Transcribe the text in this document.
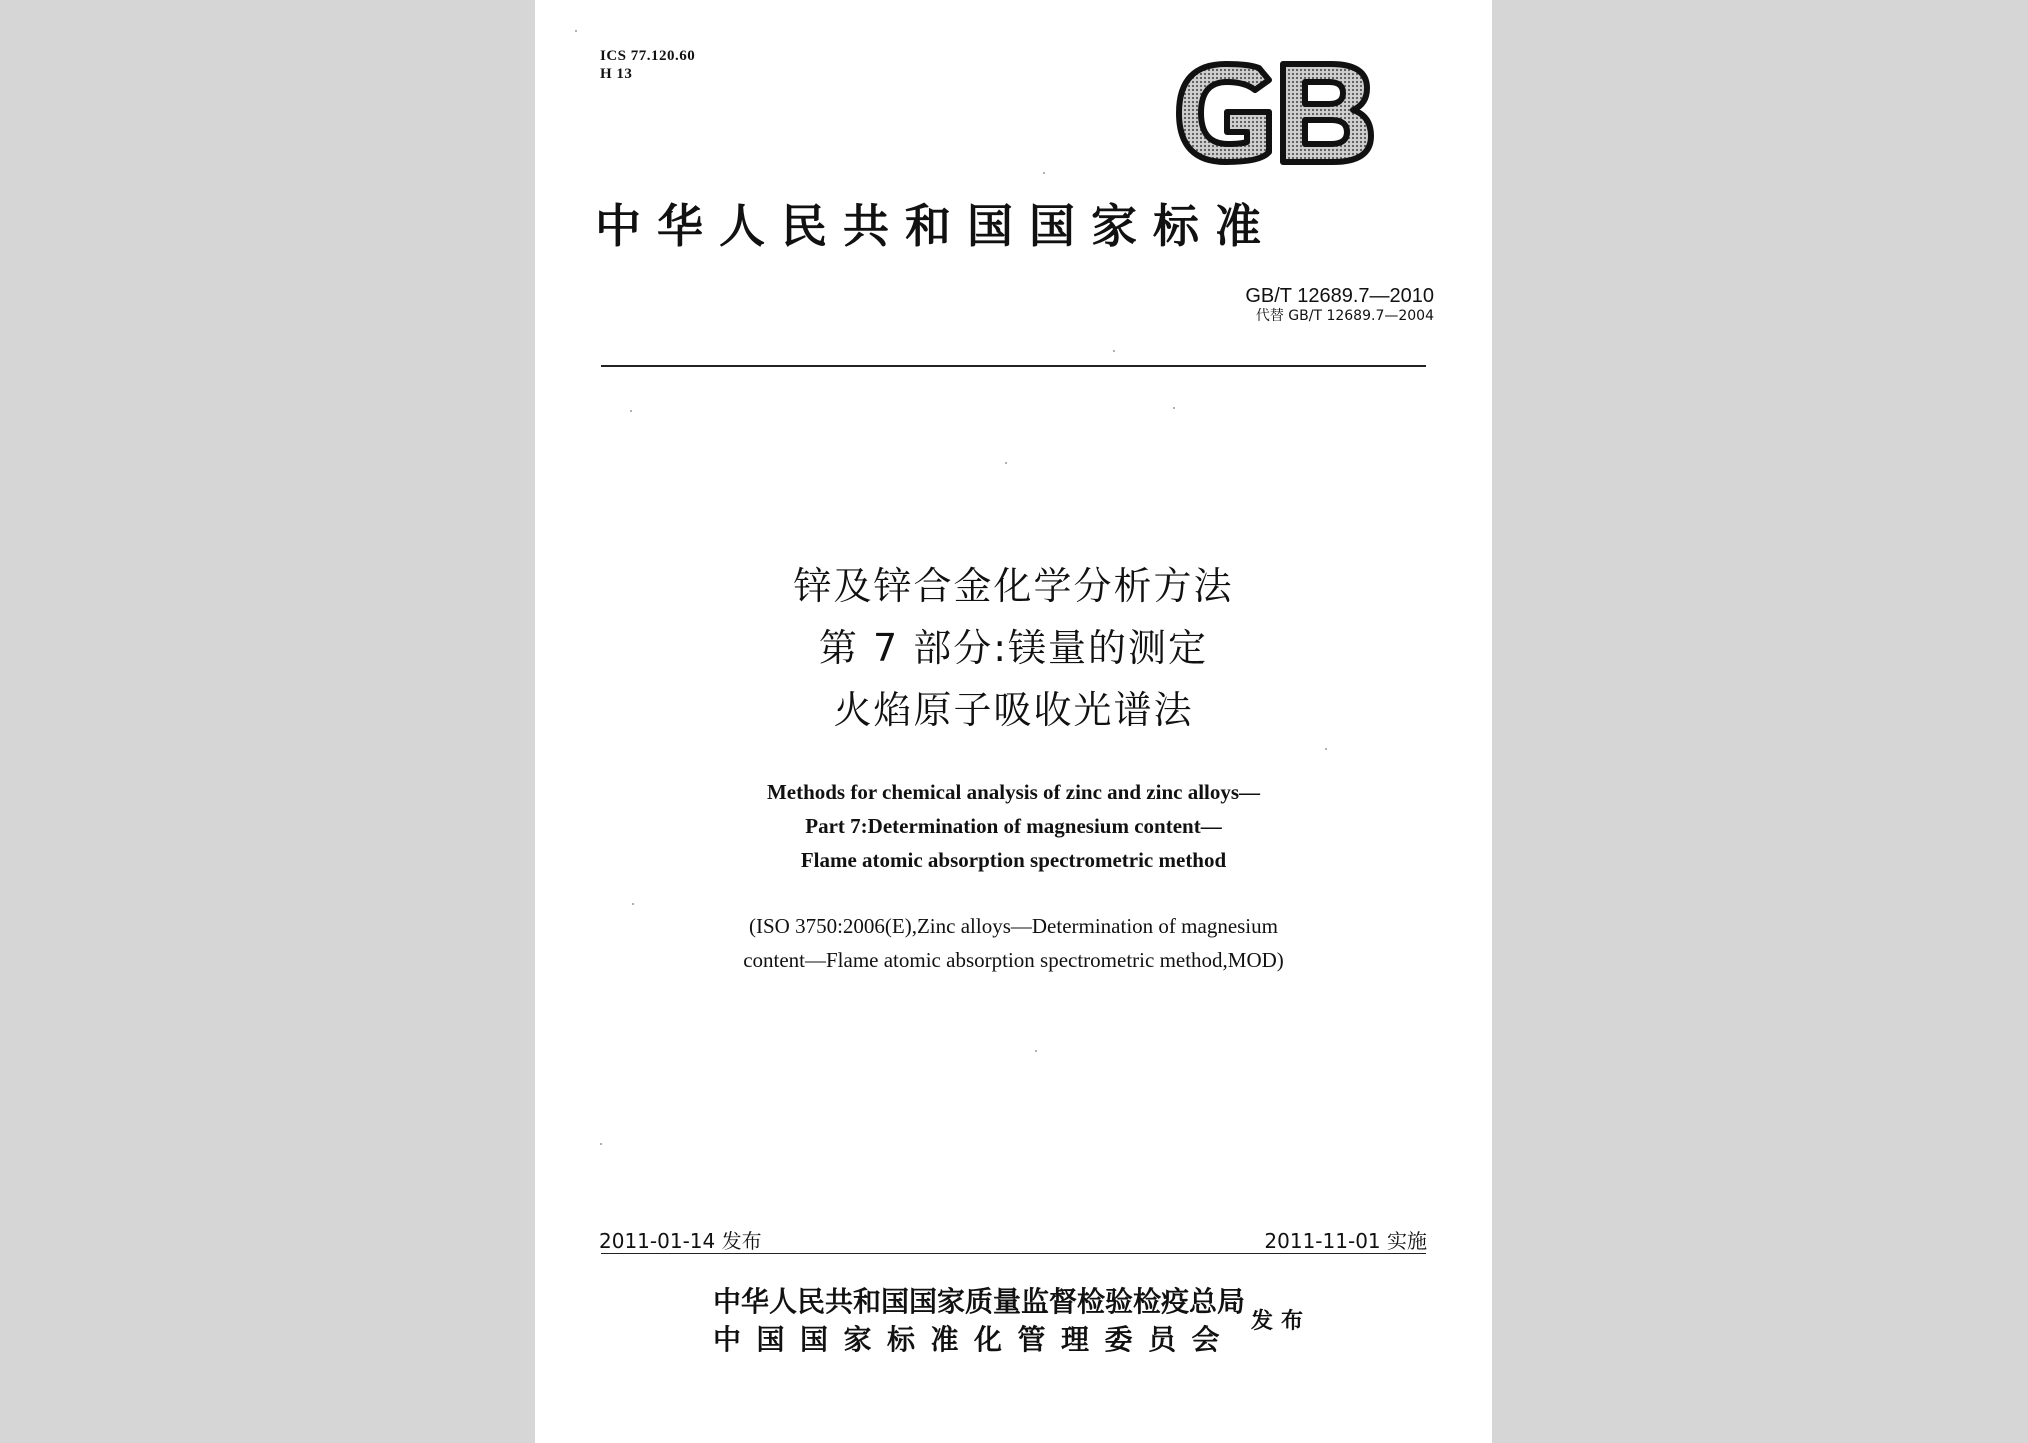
ICS 77.120.60
H 13
中华人民共和国国家标准
GB/T 12689.7—2010
代替 GB/T 12689.7—2004
锌及锌合金化学分析方法
第 7 部分:镁量的测定
火焰原子吸收光谱法
Methods for chemical analysis of zinc and zinc alloys—
Part 7:Determination of magnesium content—
Flame atomic absorption spectrometric method
(ISO 3750:2006(E),Zinc alloys—Determination of magnesium
content—Flame atomic absorption spectrometric method,MOD)
2011-01-14 发布	2011-11-01 实施
中华人民共和国国家质量监督检验检疫总局
中国国家标准化管理委员会
发布
